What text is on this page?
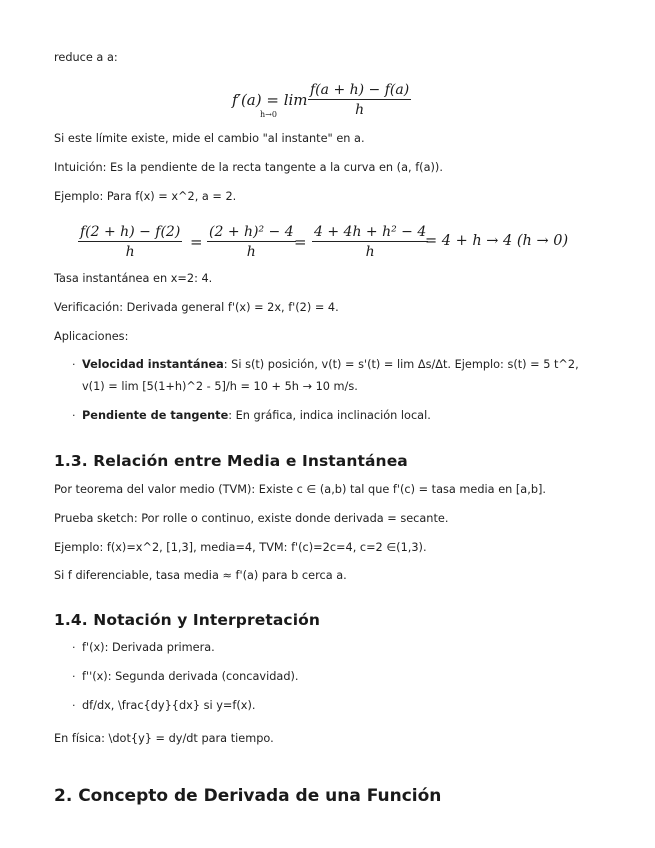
reduce a a:
f′(a) = lim
$h\to 0 \frac{f(a + h) - f(a)}{h}$
Si este límite existe, mide el cambio "al instante" en a.
Intuición: Es la pendiente de la recta tangente a la curva en (a, f(a)).
Ejemplo: Para f(x) = x^2, a = 2.
$\frac{f(2 + h) - f(2)}{h} = \frac{\text{(2 + h)² − 4}}{h}$
= $\frac{\text{4 + 4h + h² − 4}}{h}$
= 4 + h → 4 (h → 0)
Tasa instantánea en x=2: 4.
Verificación: Derivada general f'(x) = 2x, f'(2) = 4.
Aplicaciones:
· Velocidad instantánea: Si s(t) posición, v(t) = s'(t) = lim Δs/Δt. Ejemplo: s(t) = 5 t^2,
v(1) = lim [5(1+h)^2 - 5]/h = 10 + 5h → 10 m/s.
· Pendiente de tangente: En gráfica, indica inclinación local.
1.3. Relación entre Media e Instantánea
Por teorema del valor medio (TVM): Existe c ∈ (a,b) tal que f'(c) = tasa media en [a,b].
Prueba sketch: Por rolle o continuo, existe donde derivada = secante.
Ejemplo: f(x)=x^2, [1,3], media=4, TVM: f'(c)=2c=4, c=2 ∈(1,3).
Si f diferenciable, tasa media ≈ f'(a) para b cerca a.
1.4. Notación y Interpretación
· f'(x): Derivada primera.
· f''(x): Segunda derivada (concavidad).
· df/dx, \frac{dy}{dx} si y=f(x).
En física: \dot{y} = dy/dt para tiempo.
2. Concepto de Derivada de una Función
